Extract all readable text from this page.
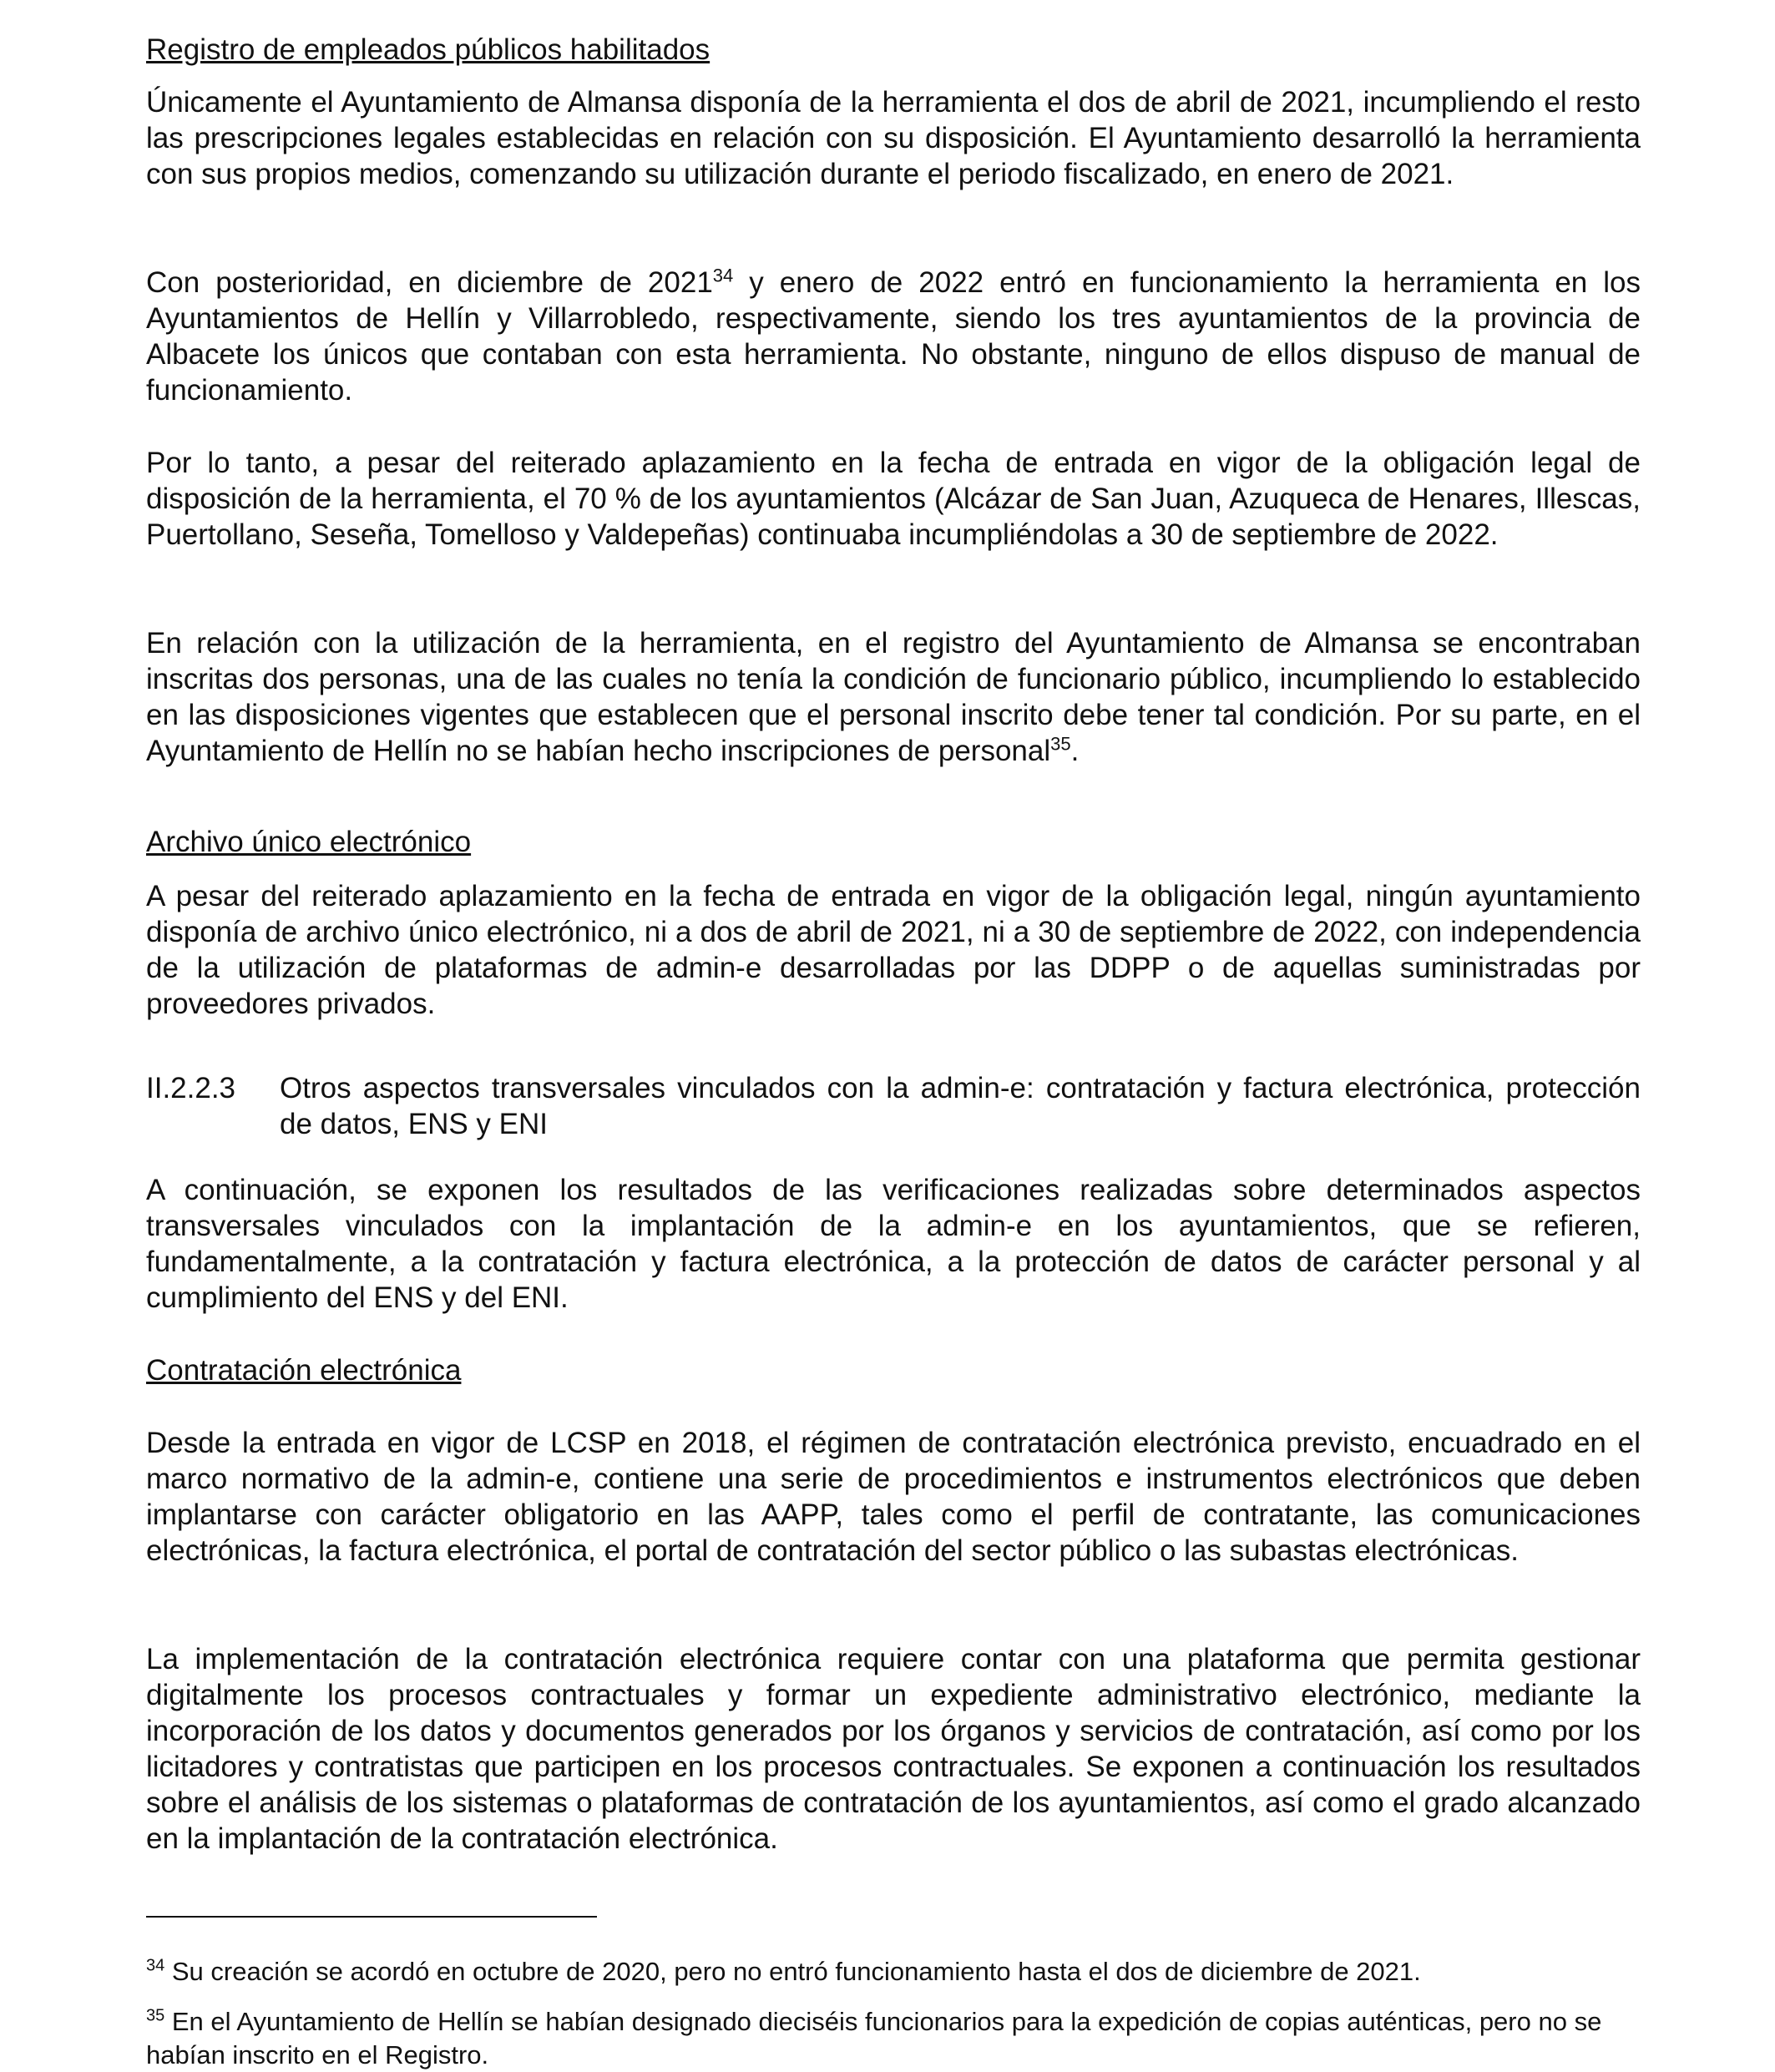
Registro de empleados públicos habilitados
Únicamente el Ayuntamiento de Almansa disponía de la herramienta el dos de abril de 2021, incumpliendo el resto las prescripciones legales establecidas en relación con su disposición. El Ayuntamiento desarrolló la herramienta con sus propios medios, comenzando su utilización durante el periodo fiscalizado, en enero de 2021.
Con posterioridad, en diciembre de 2021$^{34}$ y enero de 2022 entró en funcionamiento la herramienta en los Ayuntamientos de Hellín y Villarrobledo, respectivamente, siendo los tres ayuntamientos de la provincia de Albacete los únicos que contaban con esta herramienta. No obstante, ninguno de ellos dispuso de manual de funcionamiento.
Por lo tanto, a pesar del reiterado aplazamiento en la fecha de entrada en vigor de la obligación legal de disposición de la herramienta, el 70 % de los ayuntamientos (Alcázar de San Juan, Azuqueca de Henares, Illescas, Puertollano, Seseña, Tomelloso y Valdepeñas) continuaba incumpliéndolas a 30 de septiembre de 2022.
En relación con la utilización de la herramienta, en el registro del Ayuntamiento de Almansa se encontraban inscritas dos personas, una de las cuales no tenía la condición de funcionario público, incumpliendo lo establecido en las disposiciones vigentes que establecen que el personal inscrito debe tener tal condición. Por su parte, en el Ayuntamiento de Hellín no se habían hecho inscripciones de personal$^{35}$.
Archivo único electrónico
A pesar del reiterado aplazamiento en la fecha de entrada en vigor de la obligación legal, ningún ayuntamiento disponía de archivo único electrónico, ni a dos de abril de 2021, ni a 30 de septiembre de 2022, con independencia de la utilización de plataformas de admin-e desarrolladas por las DDPP o de aquellas suministradas por proveedores privados.
II.2.2.3	Otros aspectos transversales vinculados con la admin-e: contratación y factura electrónica, protección de datos, ENS y ENI
A continuación, se exponen los resultados de las verificaciones realizadas sobre determinados aspectos transversales vinculados con la implantación de la admin-e en los ayuntamientos, que se refieren, fundamentalmente, a la contratación y factura electrónica, a la protección de datos de carácter personal y al cumplimiento del ENS y del ENI.
Contratación electrónica
Desde la entrada en vigor de LCSP en 2018, el régimen de contratación electrónica previsto, encuadrado en el marco normativo de la admin-e, contiene una serie de procedimientos e instrumentos electrónicos que deben implantarse con carácter obligatorio en las AAPP, tales como el perfil de contratante, las comunicaciones electrónicas, la factura electrónica, el portal de contratación del sector público o las subastas electrónicas.
La implementación de la contratación electrónica requiere contar con una plataforma que permita gestionar digitalmente los procesos contractuales y formar un expediente administrativo electrónico, mediante la incorporación de los datos y documentos generados por los órganos y servicios de contratación, así como por los licitadores y contratistas que participen en los procesos contractuales. Se exponen a continuación los resultados sobre el análisis de los sistemas o plataformas de contratación de los ayuntamientos, así como el grado alcanzado en la implantación de la contratación electrónica.
$^{34}$ Su creación se acordó en octubre de 2020, pero no entró funcionamiento hasta el dos de diciembre de 2021.
$^{35}$ En el Ayuntamiento de Hellín se habían designado dieciséis funcionarios para la expedición de copias auténticas, pero no se habían inscrito en el Registro.
